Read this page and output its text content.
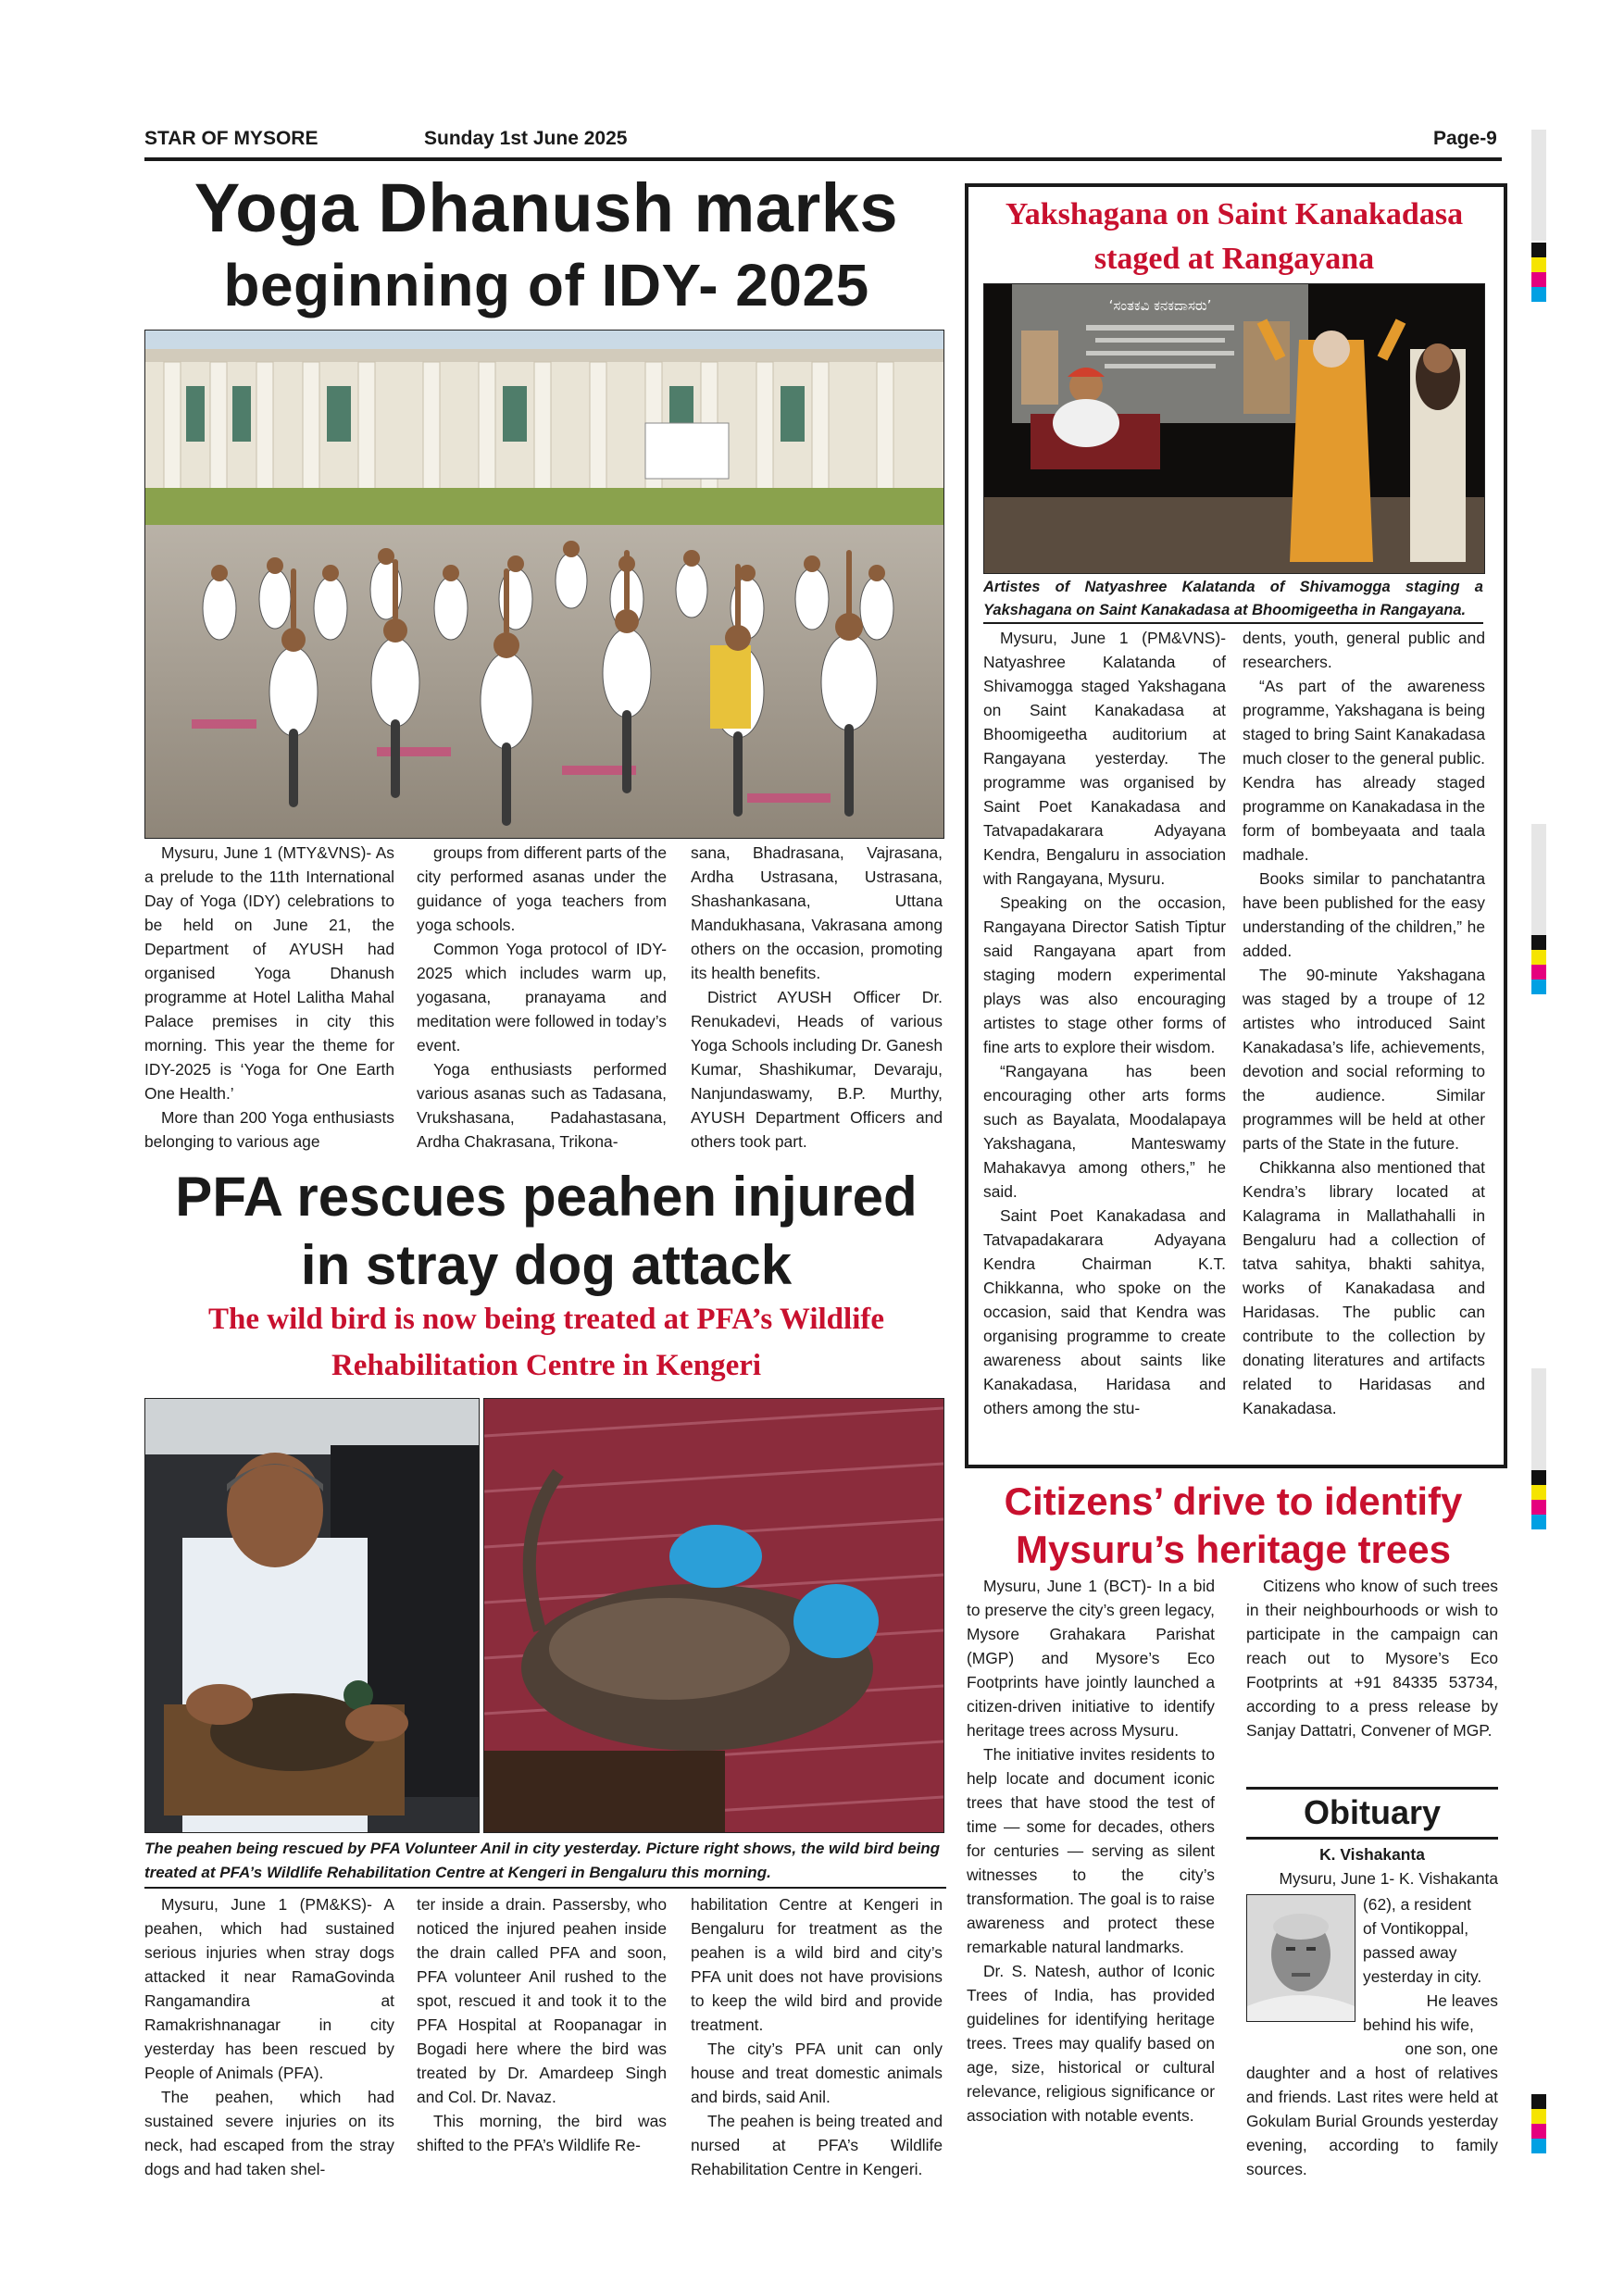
STAR OF MYSORE	Sunday 1st June 2025	Page-9
Yoga Dhanush marks
beginning of IDY- 2025

Mysuru, June 1 (MTY&VNS)- As a prelude to the 11th International Day of Yoga (IDY) celebrations to be held on June 21, the Department of AYUSH had organised Yoga Dhanush programme at Hotel Lalitha Mahal Palace premises in city this morning. This year the theme for IDY-2025 is ‘Yoga for One Earth One Health.’

More than 200 Yoga enthusiasts belonging to various age

groups from different parts of the city performed asanas under the guidance of yoga teachers from yoga schools.

Common Yoga protocol of IDY-2025 which includes warm up, yogasana, pranayama and meditation were followed in today’s event.

Yoga enthusiasts performed various asanas such as Tadasana, Vrukshasana, Padahastasana, Ardha Chakrasana, Trikona-

sana, Bhadrasana, Vajrasana, Ardha Ustrasana, Ustrasana, Shashankasana, Uttana Mandukhasana, Vakrasana among others on the occasion, promoting its health benefits.

District AYUSH Officer Dr. Renukadevi, Heads of various Yoga Schools including Dr. Ganesh Kumar, Shashikumar, Devaraju, Nanjundaswamy, B.P. Murthy, AYUSH Department Officers and others took part.

PFA rescues peahen injured
in stray dog attack
The wild bird is now being treated at PFA’s Wildlife
Rehabilitation Centre in Kengeri
The peahen being rescued by PFA Volunteer Anil in city yesterday. Picture right shows, the wild bird being treated at PFA’s Wildlife Rehabilitation Centre at Kengeri in Bengaluru this morning.

Mysuru, June 1 (PM&KS)- A peahen, which had sustained serious injuries when stray dogs attacked it near RamaGovinda Rangamandira at Ramakrishnanagar in city yesterday has been rescued by People of Animals (PFA).

The peahen, which had sustained severe injuries on its neck, had escaped from the stray dogs and had taken shel-

ter inside a drain. Passersby, who noticed the injured peahen inside the drain called PFA and soon, PFA volunteer Anil rushed to the spot, rescued it and took it to the PFA Hospital at Roopanagar in Bogadi here where the bird was treated by Dr. Amardeep Singh and Col. Dr. Navaz.

This morning, the bird was shifted to the PFA’s Wildlife Re-

habilitation Centre at Kengeri in Bengaluru for treatment as the peahen is a wild bird and city’s PFA unit does not have provisions to keep the wild bird and provide treatment.

The city’s PFA unit can only house and treat domestic animals and birds, said Anil.

The peahen is being treated and nursed at PFA’s Wildlife Rehabilitation Centre in Kengeri.

Yakshagana on Saint Kanakadasa
staged at Rangayana
‘ಸಂತಕವಿ ಕನಕದಾಸರು’
Artistes of Natyashree Kalatanda of Shivamogga staging a Yakshagana on Saint Kanakadasa at Bhoomigeetha in Rangayana.

Mysuru, June 1 (PM&VNS)- Natyashree Kalatanda of Shivamogga staged Yakshagana on Saint Kanakadasa at Bhoomigeetha auditorium at Rangayana yesterday. The programme was organised by Saint Poet Kanakadasa and Tatvapadakarara Adyayana Kendra, Bengaluru in association with Rangayana, Mysuru.

Speaking on the occasion, Rangayana Director Satish Tiptur said Rangayana apart from staging modern experimental plays was also encouraging artistes to stage other forms of fine arts to explore their wisdom.

“Rangayana has been encouraging other arts forms such as Bayalata, Moodalapaya Yakshagana, Manteswamy Mahakavya among others,” he said.

Saint Poet Kanakadasa and Tatvapadakarara Adyayana Kendra Chairman K.T. Chikkanna, who spoke on the occasion, said that Kendra was organising programme to create awareness about saints like Kanakadasa, Haridasa and others among the stu-

dents, youth, general public and researchers.

“As part of the awareness programme, Yakshagana is being staged to bring Saint Kanakadasa much closer to the general public. Kendra has already staged programme on Kanakadasa in the form of bombeyaata and taala madhale.

Books similar to panchatantra have been published for the easy understanding of the children,” he added.

The 90-minute Yakshagana was staged by a troupe of 12 artistes who introduced Saint Kanakadasa’s life, achievements, devotion and social reforming to the audience. Similar programmes will be held at other parts of the State in the future.

Chikkanna also mentioned that Kendra’s library located at Kalagrama in Mallathahalli in Bengaluru had a collection of tatva sahitya, bhakti sahitya, works of Kanakadasa and Haridasas. The public can contribute to the collection by donating literatures and artifacts related to Haridasas and Kanakadasa.

Citizens’ drive to identify
Mysuru’s heritage trees

Mysuru, June 1 (BCT)- In a bid to preserve the city’s green legacy, Mysore Grahakara Parishat (MGP) and Mysore’s Eco Footprints have jointly launched a citizen-driven initiative to identify heritage trees across Mysuru.

The initiative invites residents to help locate and document iconic trees that have stood the test of time — some for decades, others for centuries — serving as silent witnesses to the city’s transformation. The goal is to raise awareness and protect these remarkable natural landmarks.

Dr. S. Natesh, author of Iconic Trees of India, has provided guidelines for identifying heritage trees. Trees may qualify based on age, size, historical or cultural relevance, religious significance or association with notable events.

Citizens who know of such trees in their neighbourhoods or wish to participate in the campaign can reach out to Mysore’s Eco Footprints at +91 84335 53734, according to a press release by Sanjay Dattatri, Convener of MGP.

Obituary
K. Vishakanta

Mysuru, June 1- K. Vishakanta

(62), a resident
of Vontikoppal,
passed away
yesterday in city.
He leaves
behind his wife,
one son, one

daughter and a host of relatives and friends. Last rites were held at Gokulam Burial Grounds yesterday evening, according to family sources.
